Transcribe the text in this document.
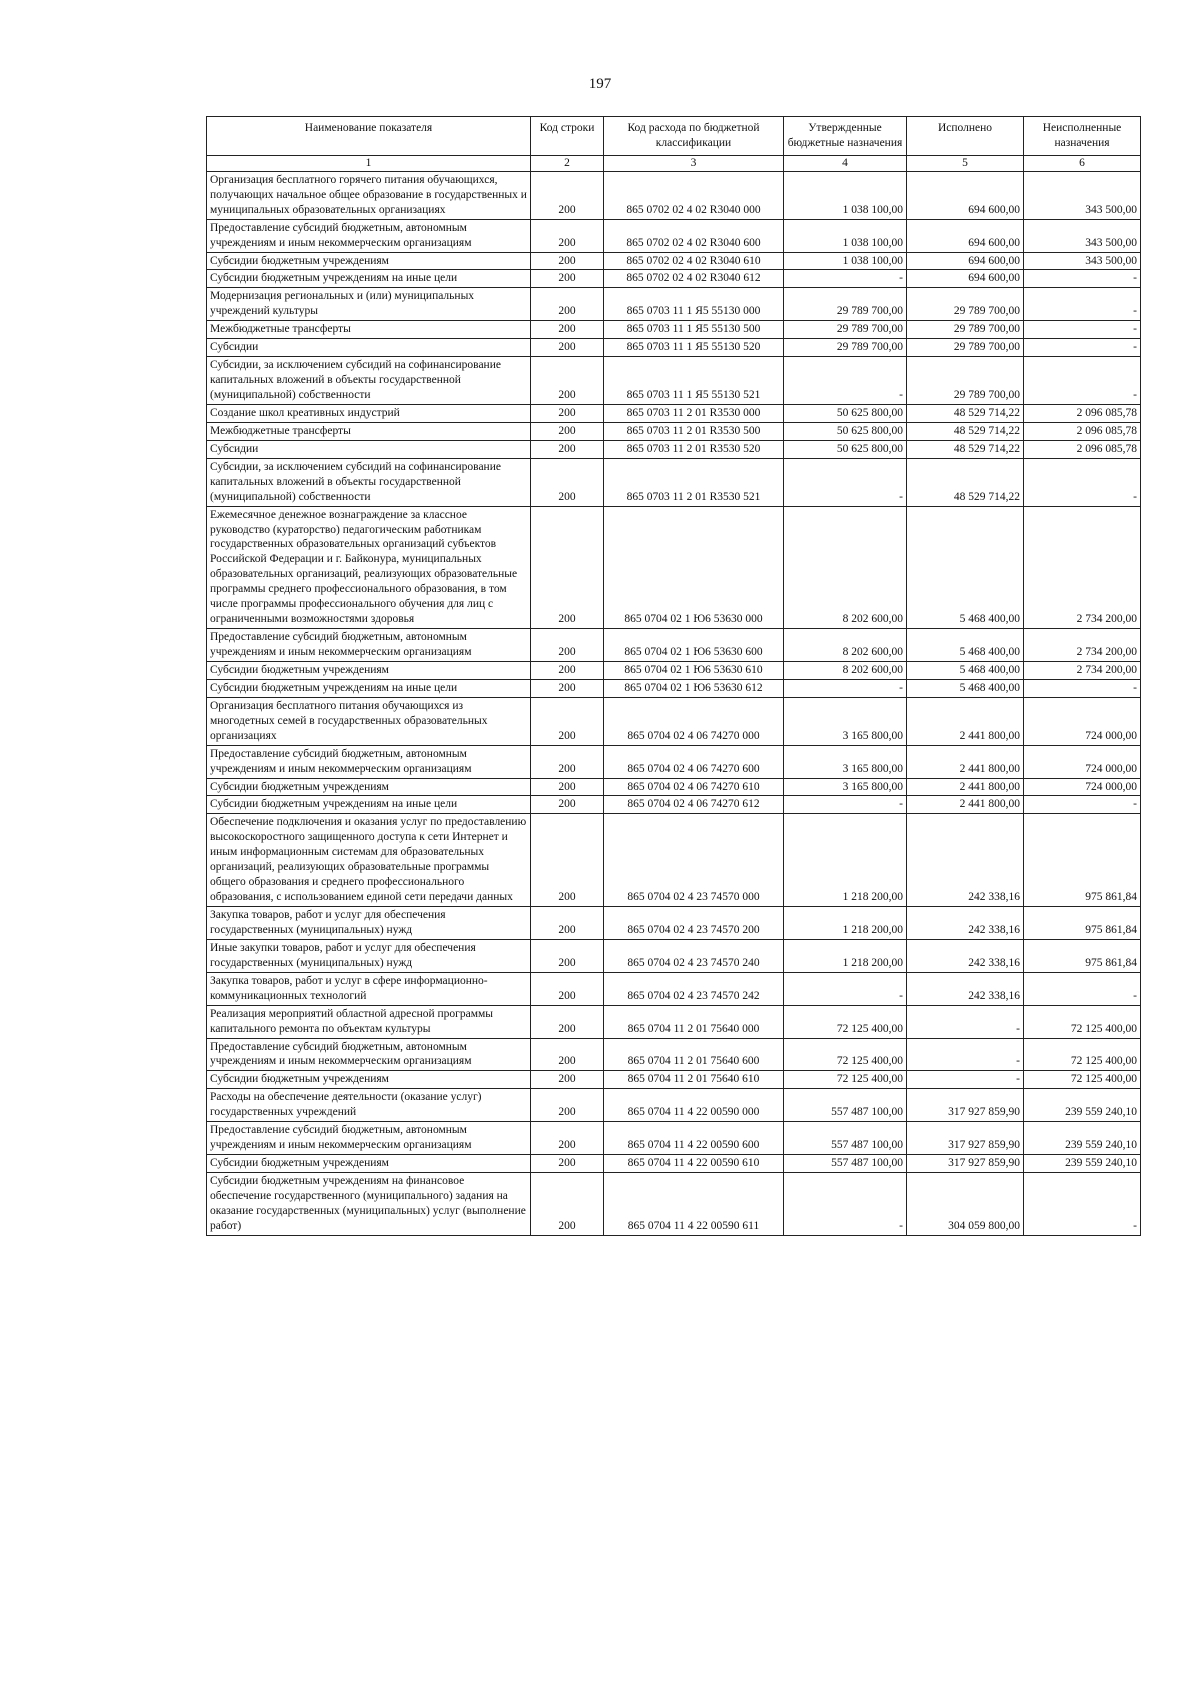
197
Наименование показателя	Код строки	Код расхода по бюджетной классификации	Утвержденные бюджетные назначения	Исполнено	Неисполненные назначения
1	2	3	4	5	6
Организация бесплатного горячего питания обучающихся, получающих начальное общее образование в государственных и муниципальных образовательных организациях	200	865 0702 02 4 02 R3040 000	1 038 100,00	694 600,00	343 500,00
Предоставление субсидий бюджетным, автономным учреждениям и иным некоммерческим организациям	200	865 0702 02 4 02 R3040 600	1 038 100,00	694 600,00	343 500,00
Субсидии бюджетным учреждениям	200	865 0702 02 4 02 R3040 610	1 038 100,00	694 600,00	343 500,00
Субсидии бюджетным учреждениям на иные цели	200	865 0702 02 4 02 R3040 612	-	694 600,00	-
Модернизация региональных и (или) муниципальных учреждений культуры	200	865 0703 11 1 Я5 55130 000	29 789 700,00	29 789 700,00	-
Межбюджетные трансферты	200	865 0703 11 1 Я5 55130 500	29 789 700,00	29 789 700,00	-
Субсидии	200	865 0703 11 1 Я5 55130 520	29 789 700,00	29 789 700,00	-
Субсидии, за исключением субсидий на софинансирование капитальных вложений в объекты государственной (муниципальной) собственности	200	865 0703 11 1 Я5 55130 521	-	29 789 700,00	-
Создание школ креативных индустрий	200	865 0703 11 2 01 R3530 000	50 625 800,00	48 529 714,22	2 096 085,78
Межбюджетные трансферты	200	865 0703 11 2 01 R3530 500	50 625 800,00	48 529 714,22	2 096 085,78
Субсидии	200	865 0703 11 2 01 R3530 520	50 625 800,00	48 529 714,22	2 096 085,78
Субсидии, за исключением субсидий на софинансирование капитальных вложений в объекты государственной (муниципальной) собственности	200	865 0703 11 2 01 R3530 521	-	48 529 714,22	-
Ежемесячное денежное вознаграждение за классное руководство (кураторство) педагогическим работникам государственных образовательных организаций субъектов Российской Федерации и г. Байконура, муниципальных образовательных организаций, реализующих образовательные программы среднего профессионального образования, в том числе программы профессионального обучения для лиц с ограниченными возможностями здоровья	200	865 0704 02 1 Ю6 53630 000	8 202 600,00	5 468 400,00	2 734 200,00
Предоставление субсидий бюджетным, автономным учреждениям и иным некоммерческим организациям	200	865 0704 02 1 Ю6 53630 600	8 202 600,00	5 468 400,00	2 734 200,00
Субсидии бюджетным учреждениям	200	865 0704 02 1 Ю6 53630 610	8 202 600,00	5 468 400,00	2 734 200,00
Субсидии бюджетным учреждениям на иные цели	200	865 0704 02 1 Ю6 53630 612	-	5 468 400,00	-
Организация бесплатного питания обучающихся из многодетных семей в государственных образовательных организациях	200	865 0704 02 4 06 74270 000	3 165 800,00	2 441 800,00	724 000,00
Предоставление субсидий бюджетным, автономным учреждениям и иным некоммерческим организациям	200	865 0704 02 4 06 74270 600	3 165 800,00	2 441 800,00	724 000,00
Субсидии бюджетным учреждениям	200	865 0704 02 4 06 74270 610	3 165 800,00	2 441 800,00	724 000,00
Субсидии бюджетным учреждениям на иные цели	200	865 0704 02 4 06 74270 612	-	2 441 800,00	-
Обеспечение подключения и оказания услуг по предоставлению высокоскоростного защищенного доступа к сети Интернет и иным информационным системам для образовательных организаций, реализующих образовательные программы общего образования и среднего профессионального образования, с использованием единой сети передачи данных	200	865 0704 02 4 23 74570 000	1 218 200,00	242 338,16	975 861,84
Закупка товаров, работ и услуг для обеспечения государственных (муниципальных) нужд	200	865 0704 02 4 23 74570 200	1 218 200,00	242 338,16	975 861,84
Иные закупки товаров, работ и услуг для обеспечения государственных (муниципальных) нужд	200	865 0704 02 4 23 74570 240	1 218 200,00	242 338,16	975 861,84
Закупка товаров, работ и услуг в сфере информационно-коммуникационных технологий	200	865 0704 02 4 23 74570 242	-	242 338,16	-
Реализация мероприятий областной адресной программы капитального ремонта по объектам культуры	200	865 0704 11 2 01 75640 000	72 125 400,00	-	72 125 400,00
Предоставление субсидий бюджетным, автономным учреждениям и иным некоммерческим организациям	200	865 0704 11 2 01 75640 600	72 125 400,00	-	72 125 400,00
Субсидии бюджетным учреждениям	200	865 0704 11 2 01 75640 610	72 125 400,00	-	72 125 400,00
Расходы на обеспечение деятельности (оказание услуг) государственных учреждений	200	865 0704 11 4 22 00590 000	557 487 100,00	317 927 859,90	239 559 240,10
Предоставление субсидий бюджетным, автономным учреждениям и иным некоммерческим организациям	200	865 0704 11 4 22 00590 600	557 487 100,00	317 927 859,90	239 559 240,10
Субсидии бюджетным учреждениям	200	865 0704 11 4 22 00590 610	557 487 100,00	317 927 859,90	239 559 240,10
Субсидии бюджетным учреждениям на финансовое обеспечение государственного (муниципального) задания на оказание государственных (муниципальных) услуг (выполнение работ)	200	865 0704 11 4 22 00590 611	-	304 059 800,00	-
